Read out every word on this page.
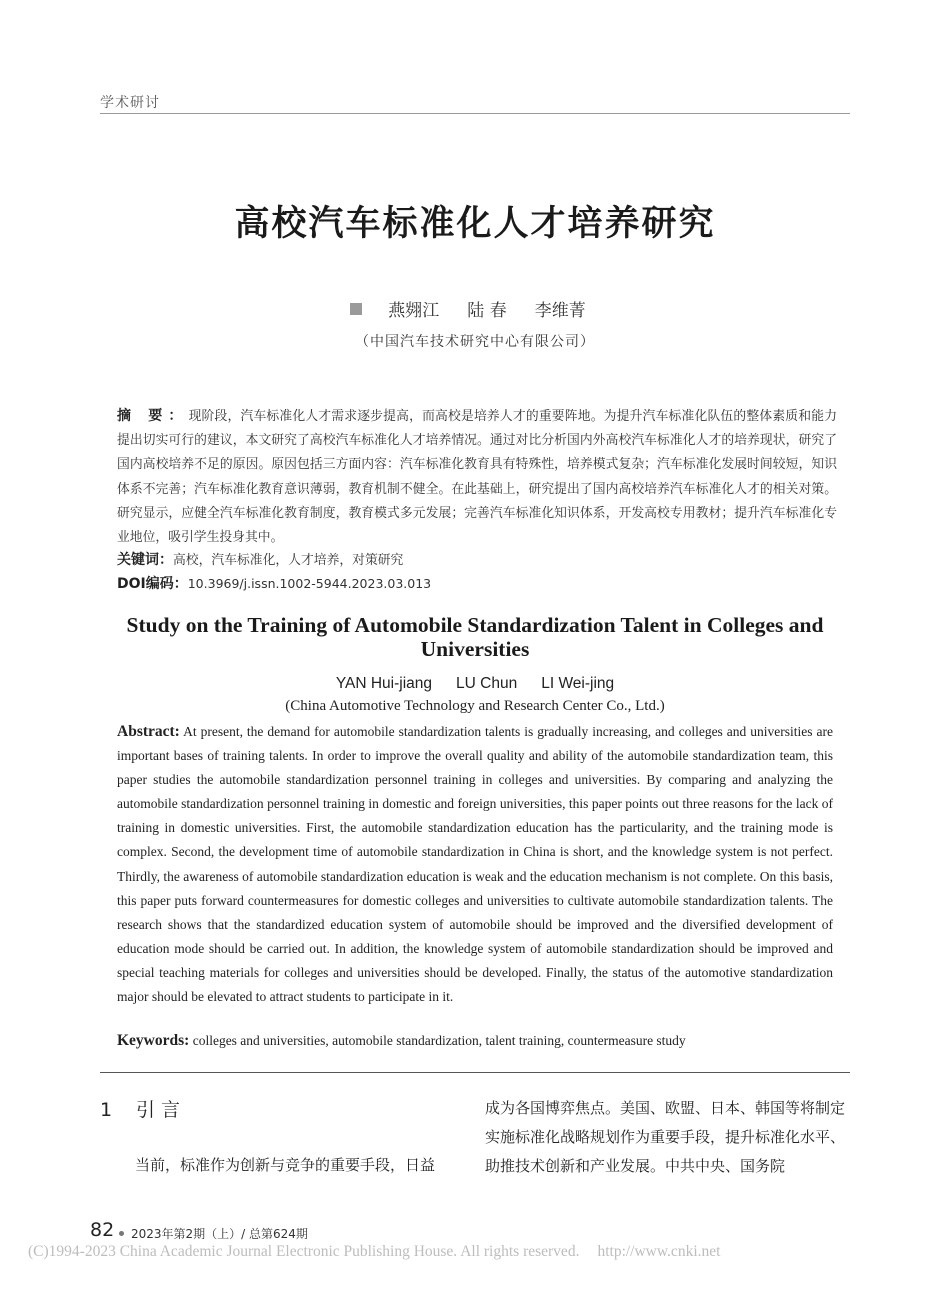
学术研讨
高校汽车标准化人才培养研究
燕翙江 陆 春 李维菁
（中国汽车技术研究中心有限公司）
摘 要：现阶段，汽车标准化人才需求逐步提高，而高校是培养人才的重要阵地。为提升汽车标准化队伍的整体素质和能力提出切实可行的建议，本文研究了高校汽车标准化人才培养情况。通过对比分析国内外高校汽车标准化人才的培养现状，研究了国内高校培养不足的原因。原因包括三方面内容：汽车标准化教育具有特殊性，培养模式复杂；汽车标准化发展时间较短，知识体系不完善；汽车标准化教育意识薄弱，教育机制不健全。在此基础上，研究提出了国内高校培养汽车标准化人才的相关对策。研究显示，应健全汽车标准化教育制度，教育模式多元发展；完善汽车标准化知识体系，开发高校专用教材；提升汽车标准化专业地位，吸引学生投身其中。
关键词：高校，汽车标准化，人才培养，对策研究
DOI编码：10.3969/j.issn.1002-5944.2023.03.013
Study on the Training of Automobile Standardization Talent in Colleges and Universities
YAN Hui-jiang LU Chun LI Wei-jing
(China Automotive Technology and Research Center Co., Ltd.)
Abstract: At present, the demand for automobile standardization talents is gradually increasing, and colleges and universities are important bases of training talents. In order to improve the overall quality and ability of the automobile standardization team, this paper studies the automobile standardization personnel training in colleges and universities. By comparing and analyzing the automobile standardization personnel training in domestic and foreign universities, this paper points out three reasons for the lack of training in domestic universities. First, the automobile standardization education has the particularity, and the training mode is complex. Second, the development time of automobile standardization in China is short, and the knowledge system is not perfect. Thirdly, the awareness of automobile standardization education is weak and the education mechanism is not complete. On this basis, this paper puts forward countermeasures for domestic colleges and universities to cultivate automobile standardization talents. The research shows that the standardized education system of automobile should be improved and the diversified development of education mode should be carried out. In addition, the knowledge system of automobile standardization should be improved and special teaching materials for colleges and universities should be developed. Finally, the status of the automotive standardization major should be elevated to attract students to participate in it.
Keywords: colleges and universities, automobile standardization, talent training, countermeasure study
1 引言
当前，标准作为创新与竞争的重要手段，日益
成为各国博弈焦点。美国、欧盟、日本、韩国等将制定实施标准化战略规划作为重要手段，提升标准化水平、助推技术创新和产业发展。中共中央、国务院
82	2023年第2期（上）/ 总第624期
(C)1994-2023 China Academic Journal Electronic Publishing House. All rights reserved. http://www.cnki.net
